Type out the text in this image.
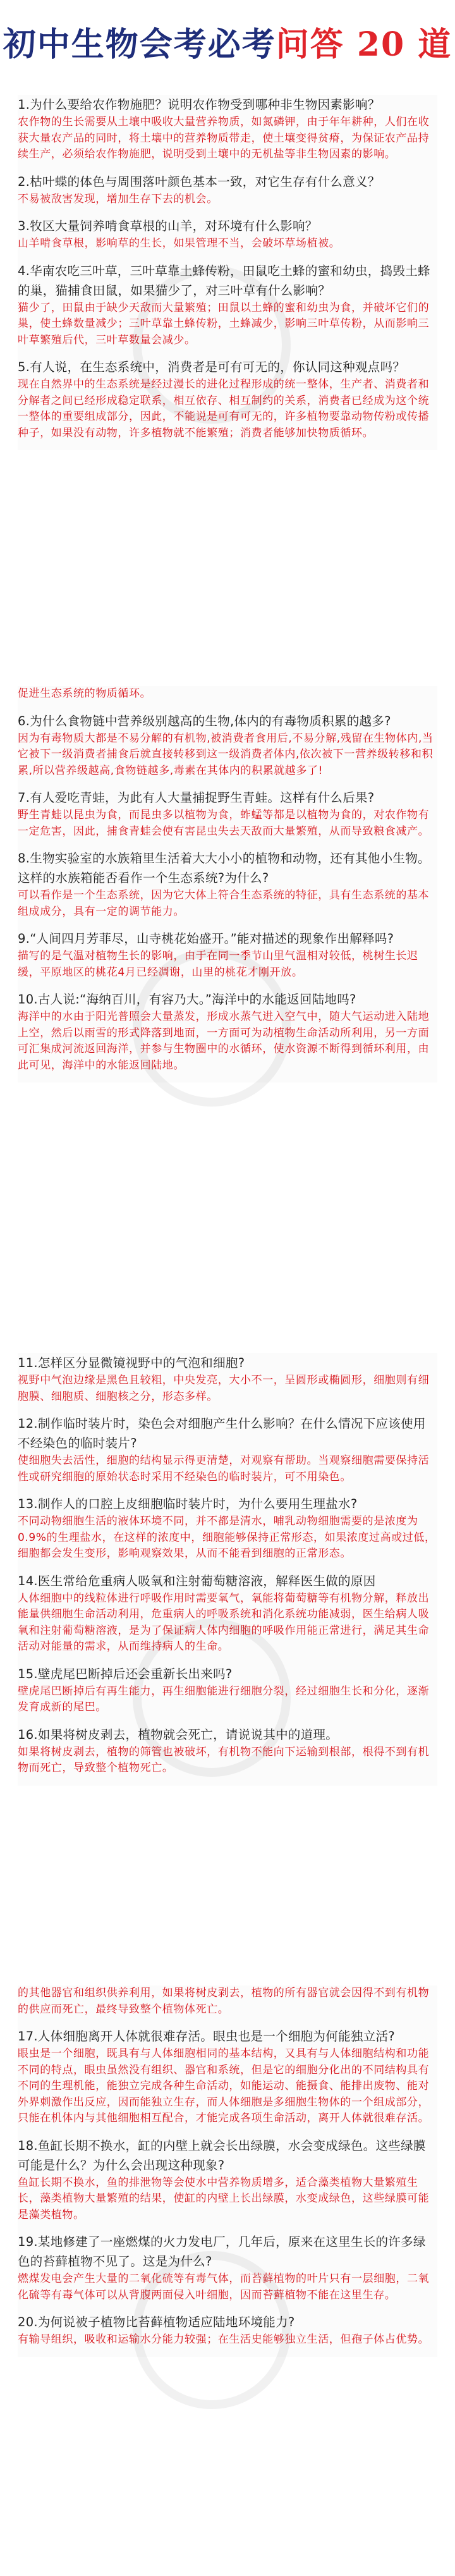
初中生物会考必考问答 20 道

1.为什么要给农作物施肥？说明农作物受到哪种非生物因素影响？

农作物的生长需要从土壤中吸收大量营养物质，如氮磷钾，由于年年耕种，人们在收获大量农产品的同时，将土壤中的营养物质带走，使土壤变得贫瘠，为保证农产品持续生产，必须给农作物施肥，说明受到土壤中的无机盐等非生物因素的影响。

2.枯叶蝶的体色与周围落叶颜色基本一致，对它生存有什么意义？

不易被敌害发现，增加生存下去的机会。

3.牧区大量饲养啃食草根的山羊，对环境有什么影响？

山羊啃食草根，影响草的生长，如果管理不当，会破坏草场植被。

4.华南农吃三叶草，三叶草靠土蜂传粉，田鼠吃土蜂的蜜和幼虫，捣毁土蜂的巢，猫捕食田鼠，如果猫少了，对三叶草有什么影响？

猫少了，田鼠由于缺少天敌而大量繁殖；田鼠以土蜂的蜜和幼虫为食，并破坏它们的巢，使土蜂数量减少；三叶草靠土蜂传粉，土蜂减少，影响三叶草传粉，从而影响三叶草繁殖后代，三叶草数量会减少。

5.有人说，在生态系统中，消费者是可有可无的，你认同这种观点吗？

现在自然界中的生态系统是经过漫长的进化过程形成的统一整体，生产者、消费者和分解者之间已经形成稳定联系，相互依存、相互制约的关系，消费者已经成为这个统一整体的重要组成部分，因此，不能说是可有可无的，许多植物要靠动物传粉或传播种子，如果没有动物，许多植物就不能繁殖；消费者能够加快物质循环。

促进生态系统的物质循环。

6.为什么食物链中营养级别越高的生物,体内的有毒物质积累的越多?

因为有毒物质大都是不易分解的有机物,被消费者食用后,不易分解,残留在生物体内,当它被下一级消费者捕食后就直接转移到这一级消费者体内,依次被下一营养级转移和积累,所以营养级越高,食物链越多,毒素在其体内的积累就越多了!

7.有人爱吃青蛙，为此有人大量捕捉野生青蛙。这样有什么后果?

野生青蛙以昆虫为食，而昆虫多以植物为食，蚱蜢等都是以植物为食的，对农作物有一定危害，因此，捕食青蛙会使有害昆虫失去天敌而大量繁殖，从而导致粮食减产。

8.生物实验室的水族箱里生活着大大小小的植物和动物，还有其他小生物。这样的水族箱能否看作一个生态系统?为什么?

可以看作是一个生态系统，因为它大体上符合生态系统的特征，具有生态系统的基本组成成分，具有一定的调节能力。

9.“人间四月芳菲尽，山寺桃花始盛开。”能对描述的现象作出解释吗?

描写的是气温对植物生长的影响，由于在同一季节山里气温相对较低，桃树生长迟缓，平原地区的桃花4月已经凋谢，山里的桃花才刚开放。

10.古人说:“海纳百川，有容乃大。”海洋中的水能返回陆地吗?

海洋中的水由于阳光普照会大量蒸发，形成水蒸气进入空气中，随大气运动进入陆地上空，然后以雨雪的形式降落到地面，一方面可为动植物生命活动所利用，另一方面可汇集成河流返回海洋，并参与生物圈中的水循环，使水资源不断得到循环利用，由此可见，海洋中的水能返回陆地。

11.怎样区分显微镜视野中的气泡和细胞?

视野中气泡边缘是黑色且较粗，中央发亮，大小不一，呈圆形或椭圆形，细胞则有细胞膜、细胞质、细胞核之分，形态多样。

12.制作临时装片时，染色会对细胞产生什么影响？在什么情况下应该使用不经染色的临时装片?

使细胞失去活性，细胞的结构显示得更清楚，对观察有帮助。当观察细胞需要保持活性或研究细胞的原始状态时采用不经染色的临时装片，可不用染色。

13.制作人的口腔上皮细胞临时装片时，为什么要用生理盐水?

不同动物细胞生活的液体环境不同，并不都是清水，哺乳动物细胞需要的是浓度为0.9%的生理盐水，在这样的浓度中，细胞能够保持正常形态，如果浓度过高或过低，细胞都会发生变形，影响观察效果，从而不能看到细胞的正常形态。

14.医生常给危重病人吸氧和注射葡萄糖溶液，解释医生做的原因

人体细胞中的线粒体进行呼吸作用时需要氧气，氧能将葡萄糖等有机物分解，释放出能量供细胞生命活动利用，危重病人的呼吸系统和消化系统功能减弱，医生给病人吸氧和注射葡萄糖溶液，是为了保证病人体内细胞的呼吸作用能正常进行，满足其生命活动对能量的需求，从而维持病人的生命。

15.壁虎尾巴断掉后还会重新长出来吗?

壁虎尾巴断掉后有再生能力，再生细胞能进行细胞分裂，经过细胞生长和分化，逐渐发育成新的尾巴。

16.如果将树皮剥去，植物就会死亡，请说说其中的道理。

如果将树皮剥去，植物的筛管也被破坏，有机物不能向下运输到根部，根得不到有机物而死亡，导致整个植物死亡。

的其他器官和组织供养利用，如果将树皮剥去，植物的所有器官就会因得不到有机物的供应而死亡，最终导致整个植物体死亡。

17.人体细胞离开人体就很难存活。眼虫也是一个细胞为何能独立活?

眼虫是一个细胞，既具有与人体细胞相同的基本结构，又具有与人体细胞结构和功能不同的特点，眼虫虽然没有组织、器官和系统，但是它的细胞分化出的不同结构具有不同的生理机能，能独立完成各种生命活动，如能运动、能摄食、能排出废物、能对外界刺激作出反应，因而能独立生存，而人体细胞是多细胞生物体的一个组成部分，只能在机体内与其他细胞相互配合，才能完成各项生命活动，离开人体就很难存活。

18.鱼缸长期不换水，缸的内壁上就会长出绿膜，水会变成绿色。这些绿膜可能是什么？为什么会出现这种现象?

鱼缸长期不换水，鱼的排泄物等会使水中营养物质增多，适合藻类植物大量繁殖生长，藻类植物大量繁殖的结果，使缸的内壁上长出绿膜，水变成绿色，这些绿膜可能是藻类植物。

19.某地修建了一座燃煤的火力发电厂，几年后，原来在这里生长的许多绿色的苔藓植物不见了。这是为什么?

燃煤发电会产生大量的二氧化硫等有毒气体，而苔藓植物的叶片只有一层细胞，二氧化硫等有毒气体可以从背腹两面侵入叶细胞，因而苔藓植物不能在这里生存。

20.为何说被子植物比苔藓植物适应陆地环境能力?

有输导组织，吸收和运输水分能力较强；在生活史能够独立生活，但孢子体占优势。
